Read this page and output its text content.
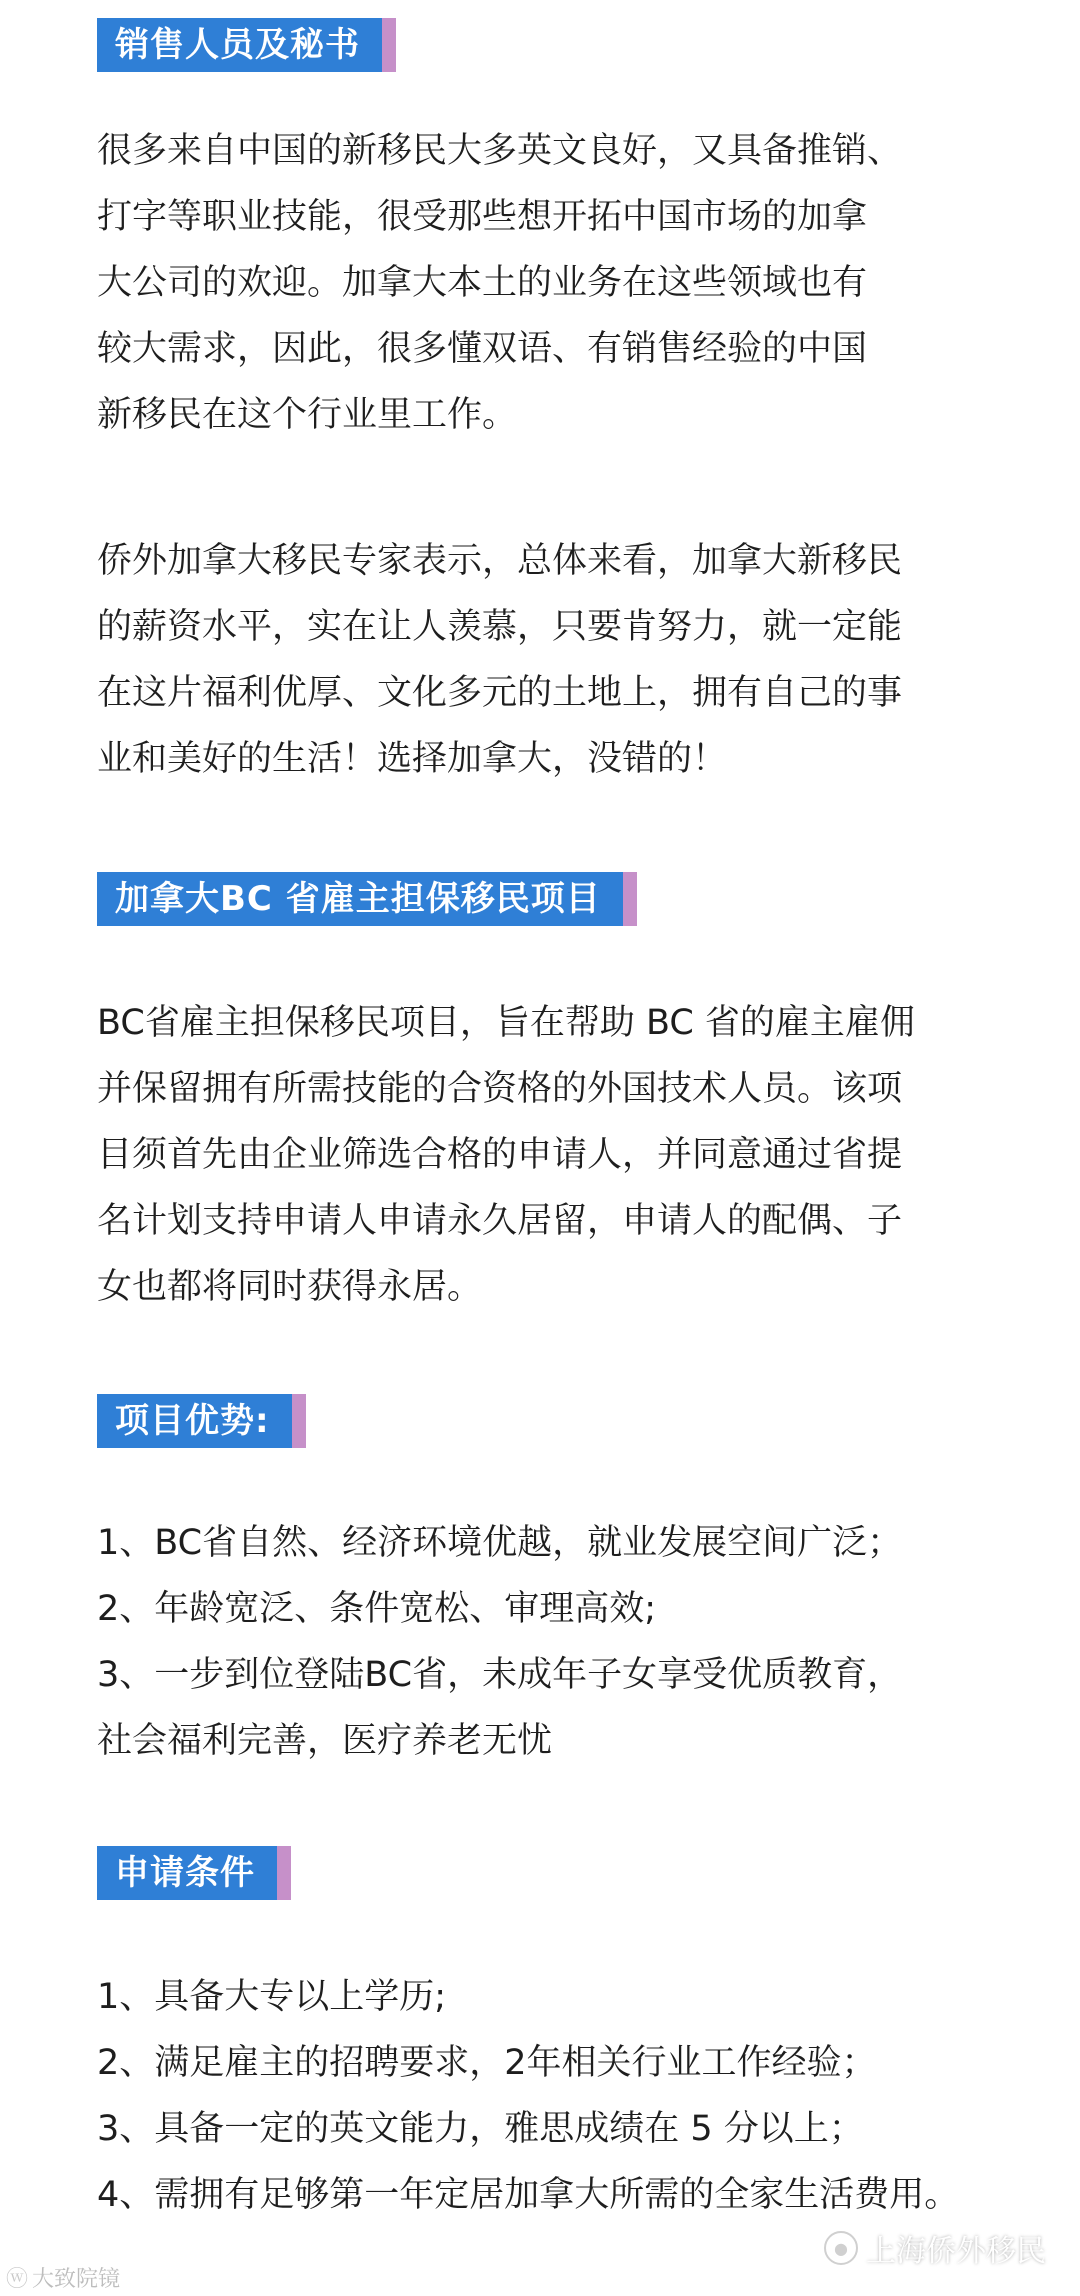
销售人员及秘书
很多来自中国的新移民大多英文良好，又具备推销、
打字等职业技能，很受那些想开拓中国市场的加拿
大公司的欢迎。加拿大本土的业务在这些领域也有
较大需求，因此，很多懂双语、有销售经验的中国
新移民在这个行业里工作。
侨外加拿大移民专家表示，总体来看，加拿大新移民
的薪资水平，实在让人羡慕，只要肯努力，就一定能
在这片福利优厚、文化多元的土地上，拥有自己的事
业和美好的生活！选择加拿大，没错的！
加拿大BC 省雇主担保移民项目
BC省雇主担保移民项目，旨在帮助 BC 省的雇主雇佣
并保留拥有所需技能的合资格的外国技术人员。该项
目须首先由企业筛选合格的申请人，并同意通过省提
名计划支持申请人申请永久居留，申请人的配偶、子
女也都将同时获得永居。
项目优势:
1、BC省自然、经济环境优越，就业发展空间广泛；
2、年龄宽泛、条件宽松、审理高效;
3、一步到位登陆BC省，未成年子女享受优质教育，
社会福利完善，医疗养老无忧
申请条件
1、具备大专以上学历;
2、满足雇主的招聘要求，2年相关行业工作经验；
3、具备一定的英文能力，雅思成绩在 5 分以上；
4、需拥有足够第一年定居加拿大所需的全家生活费用。
ⓦ 大致院镜
● 上海侨外移民
